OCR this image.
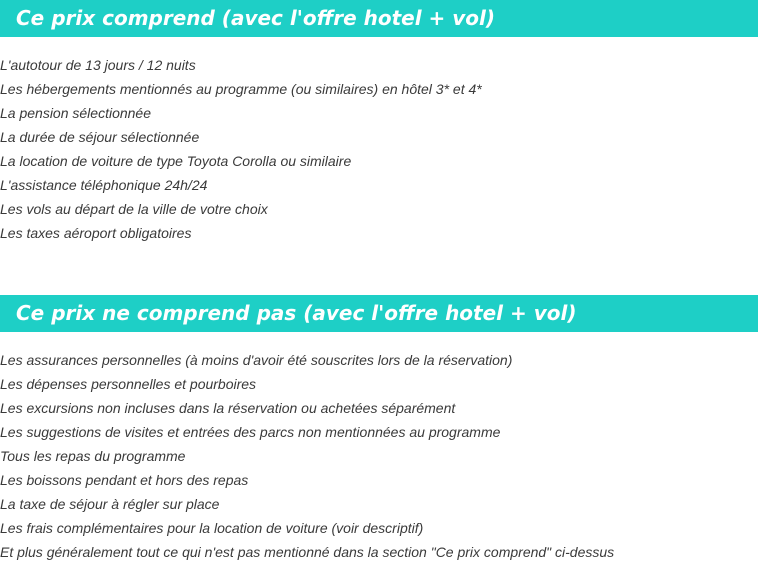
Ce prix comprend (avec l'offre hotel + vol)
L'autotour de 13 jours / 12 nuits
Les hébergements mentionnés au programme (ou similaires) en hôtel 3* et 4*
La pension sélectionnée
La durée de séjour sélectionnée
La location de voiture de type Toyota Corolla ou similaire
L'assistance téléphonique 24h/24
Les vols au départ de la ville de votre choix
Les taxes aéroport obligatoires
Ce prix ne comprend pas (avec l'offre hotel + vol)
Les assurances personnelles (à moins d'avoir été souscrites lors de la réservation)
Les dépenses personnelles et pourboires
Les excursions non incluses dans la réservation ou achetées séparément
Les suggestions de visites et entrées des parcs non mentionnées au programme
Tous les repas du programme
Les boissons pendant et hors des repas
La taxe de séjour à régler sur place
Les frais complémentaires pour la location de voiture (voir descriptif)
Et plus généralement tout ce qui n'est pas mentionné dans la section "Ce prix comprend" ci-dessus
